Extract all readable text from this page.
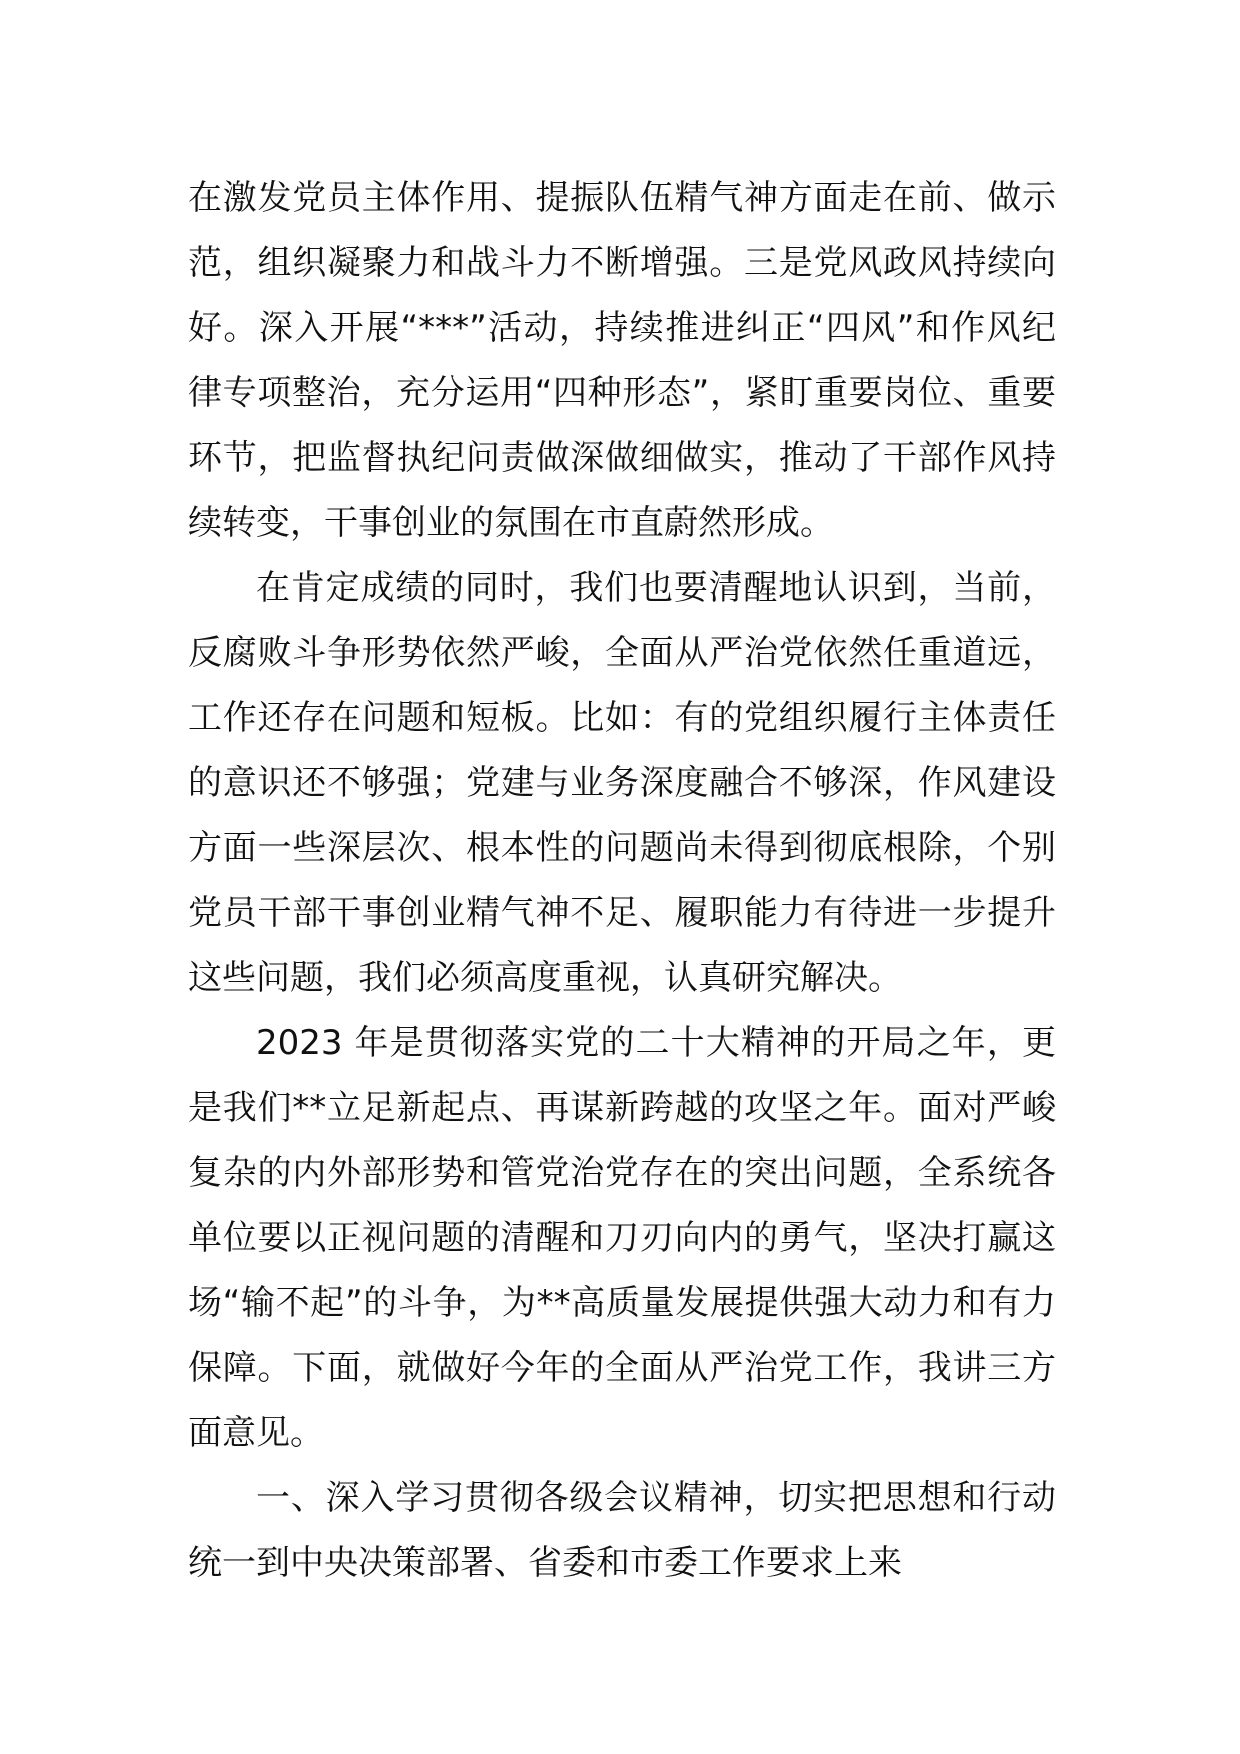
在激发党员主体作用、提振队伍精气神方面走在前、做示范，组织凝聚力和战斗力不断增强。三是党风政风持续向好。深入开展“***”活动，持续推进纠正“四风”和作风纪律专项整治，充分运用“四种形态”，紧盯重要岗位、重要环节，把监督执纪问责做深做细做实，推动了干部作风持续转变，干事创业的氛围在市直蔚然形成。

在肯定成绩的同时，我们也要清醒地认识到，当前，反腐败斗争形势依然严峻，全面从严治党依然任重道远，工作还存在问题和短板。比如：有的党组织履行主体责任的意识还不够强；党建与业务深度融合不够深，作风建设方面一些深层次、根本性的问题尚未得到彻底根除，个别党员干部干事创业精气神不足、履职能力有待进一步提升这些问题，我们必须高度重视，认真研究解决。

2023 年是贯彻落实党的二十大精神的开局之年，更是我们**立足新起点、再谋新跨越的攻坚之年。面对严峻复杂的内外部形势和管党治党存在的突出问题，全系统各单位要以正视问题的清醒和刀刃向内的勇气，坚决打赢这场“输不起”的斗争，为**高质量发展提供强大动力和有力保障。下面，就做好今年的全面从严治党工作，我讲三方面意见。

一、深入学习贯彻各级会议精神，切实把思想和行动统一到中央决策部署、省委和市委工作要求上来
